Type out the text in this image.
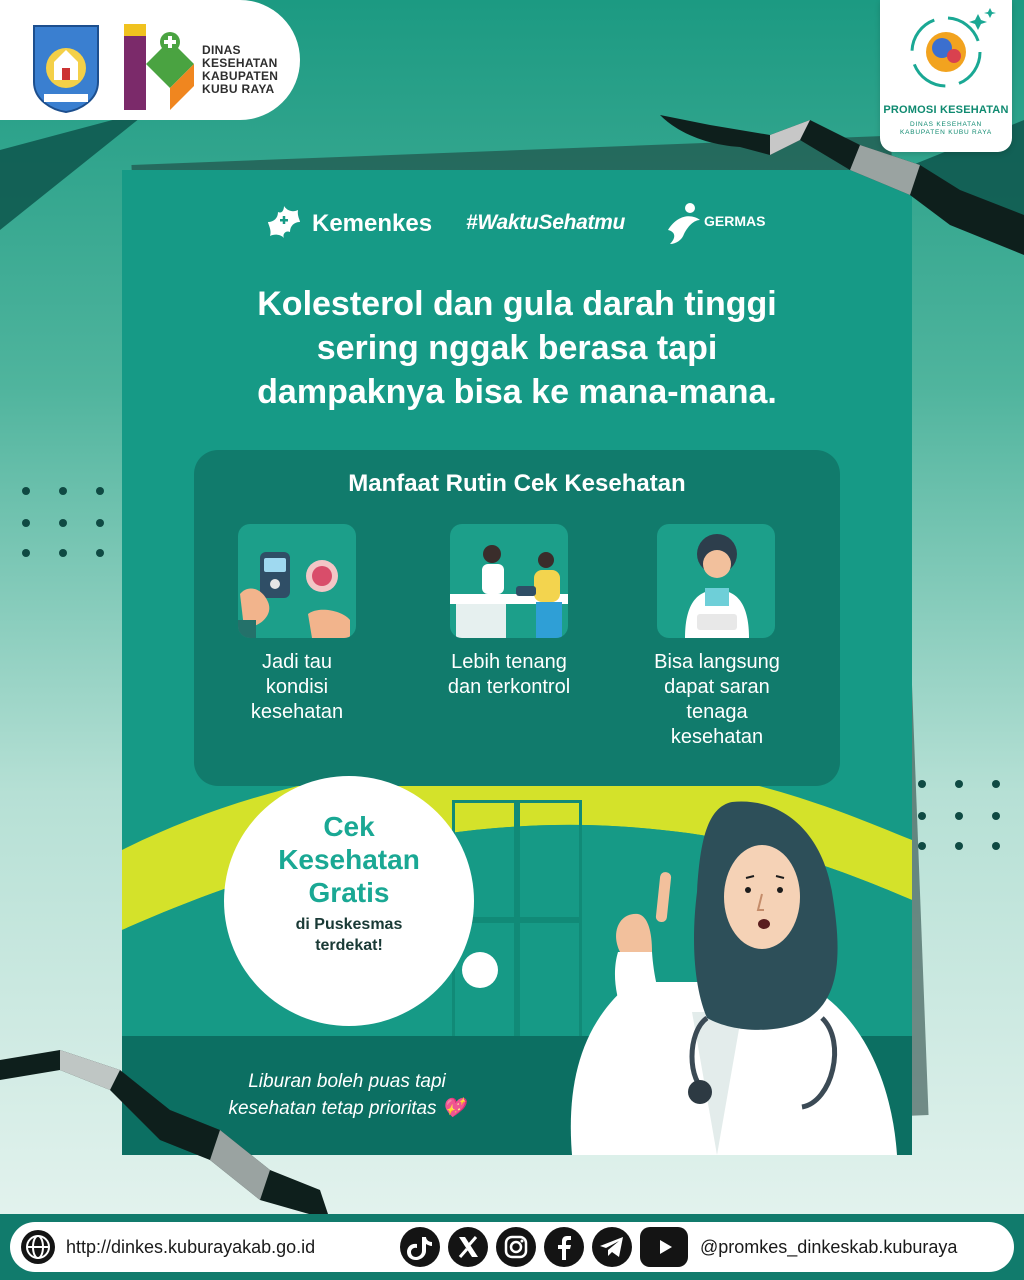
Kemenkes #WaktuSehatmu	GERMAS
Kolesterol dan gula darah tinggi
sering nggak berasa tapi
dampaknya bisa ke mana-mana.
Manfaat Rutin Cek Kesehatan
Jadi tau
kondisi
kesehatan
Lebih tenang
dan terkontrol
Bisa langsung
dapat saran
tenaga
kesehatan
Cek
Kesehatan
Gratis
di Puskesmas
terdekat!
Liburan boleh puas tapi
kesehatan tetap prioritas 💖
DINAS
KESEHATAN
KABUPATEN
KUBU RAYA
PROMOSI KESEHATAN
DINAS KESEHATAN KABUPATEN KUBU RAYA
http://dinkes.kuburayakab.go.id	@promkes_dinkeskab.kuburaya
